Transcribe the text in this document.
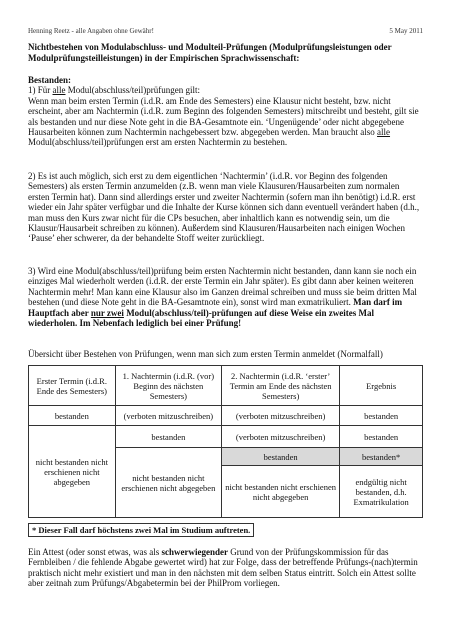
Henning Reetz - alle Angaben ohne Gewähr!	5 May 2011
Nichtbestehen von Modulabschluss- und Modulteil-Prüfungen (Modulprüfungsleistungen oder Modulprüfungsteilleistungen) in der Empirischen Sprachwissenschaft:
Bestanden:
1) Für alle Modul(abschluss/teil)prüfungen gilt:
Wenn man beim ersten Termin (i.d.R. am Ende des Semesters) eine Klausur nicht besteht, bzw. nicht erscheint, aber am Nachtermin (i.d.R. zum Beginn des folgenden Semesters) mitschreibt und besteht, gilt sie als bestanden und nur diese Note geht in die BA-Gesamtnote ein. ‘Ungenügende’ oder nicht abgegebene Hausarbeiten können zum Nachtermin nachgebessert bzw. abgegeben werden. Man braucht also alle Modul(abschluss/teil)prüfungen erst am ersten Nachtermin zu bestehen.
2) Es ist auch möglich, sich erst zu dem eigentlichen ‘Nachtermin’ (i.d.R. vor Beginn des folgenden Semesters) als ersten Termin anzumelden (z.B. wenn man viele Klausuren/Hausarbeiten zum normalen ersten Termin hat). Dann sind allerdings erster und zweiter Nachtermin (sofern man ihn benötigt) i.d.R. erst wieder ein Jahr später verfügbar und die Inhalte der Kurse können sich dann eventuell verändert haben (d.h., man muss den Kurs zwar nicht für die CPs besuchen, aber inhaltlich kann es notwendig sein, um die Klausur/Hausarbeit schreiben zu können). Außerdem sind Klausuren/Hausarbeiten nach einigen Wochen ‘Pause’ eher schwerer, da der behandelte Stoff weiter zurückliegt.
3) Wird eine Modul(abschluss/teil)prüfung beim ersten Nachtermin nicht bestanden, dann kann sie noch ein einziges Mal wiederholt werden (i.d.R. der erste Termin ein Jahr später). Es gibt dann aber keinen weiteren Nachtermin mehr! Man kann eine Klausur also im Ganzen dreimal schreiben und muss sie beim dritten Mal bestehen (und diese Note geht in die BA-Gesamtnote ein), sonst wird man exmatrikuliert. Man darf im Hauptfach aber nur zwei Modul(abschluss/teil)-prüfungen auf diese Weise ein zweites Mal wiederholen. Im Nebenfach lediglich bei einer Prüfung!
Übersicht über Bestehen von Prüfungen, wenn man sich zum ersten Termin anmeldet (Normalfall)
Erster Termin (i.d.R. Ende des Semesters)	1. Nachtermin (i.d.R. (vor) Beginn des nächsten Semesters)	2. Nachtermin (i.d.R. ‘erster’ Termin am Ende des nächsten Semesters)	Ergebnis
bestanden	(verboten mitzuschreiben)	(verboten mitzuschreiben)	bestanden
nicht bestanden nicht erschienen nicht abgegeben	bestanden	(verboten mitzuschreiben)	bestanden
	nicht bestanden nicht erschienen nicht abgegeben	bestanden	bestanden*
		nicht bestanden nicht erschienen nicht abgegeben	endgültig nicht bestanden, d.h. Exmatrikulation
* Dieser Fall darf höchstens zwei Mal im Studium auftreten.
Ein Attest (oder sonst etwas, was als schwerwiegender Grund von der Prüfungskommission für das Fernbleiben / die fehlende Abgabe gewertet wird) hat zur Folge, dass der betreffende Prüfungs-(nach)termin praktisch nicht mehr existiert und man in den nächsten mit dem selben Status eintritt. Solch ein Attest sollte aber zeitnah zum Prüfungs/Abgabetermin bei der PhilProm vorliegen.
